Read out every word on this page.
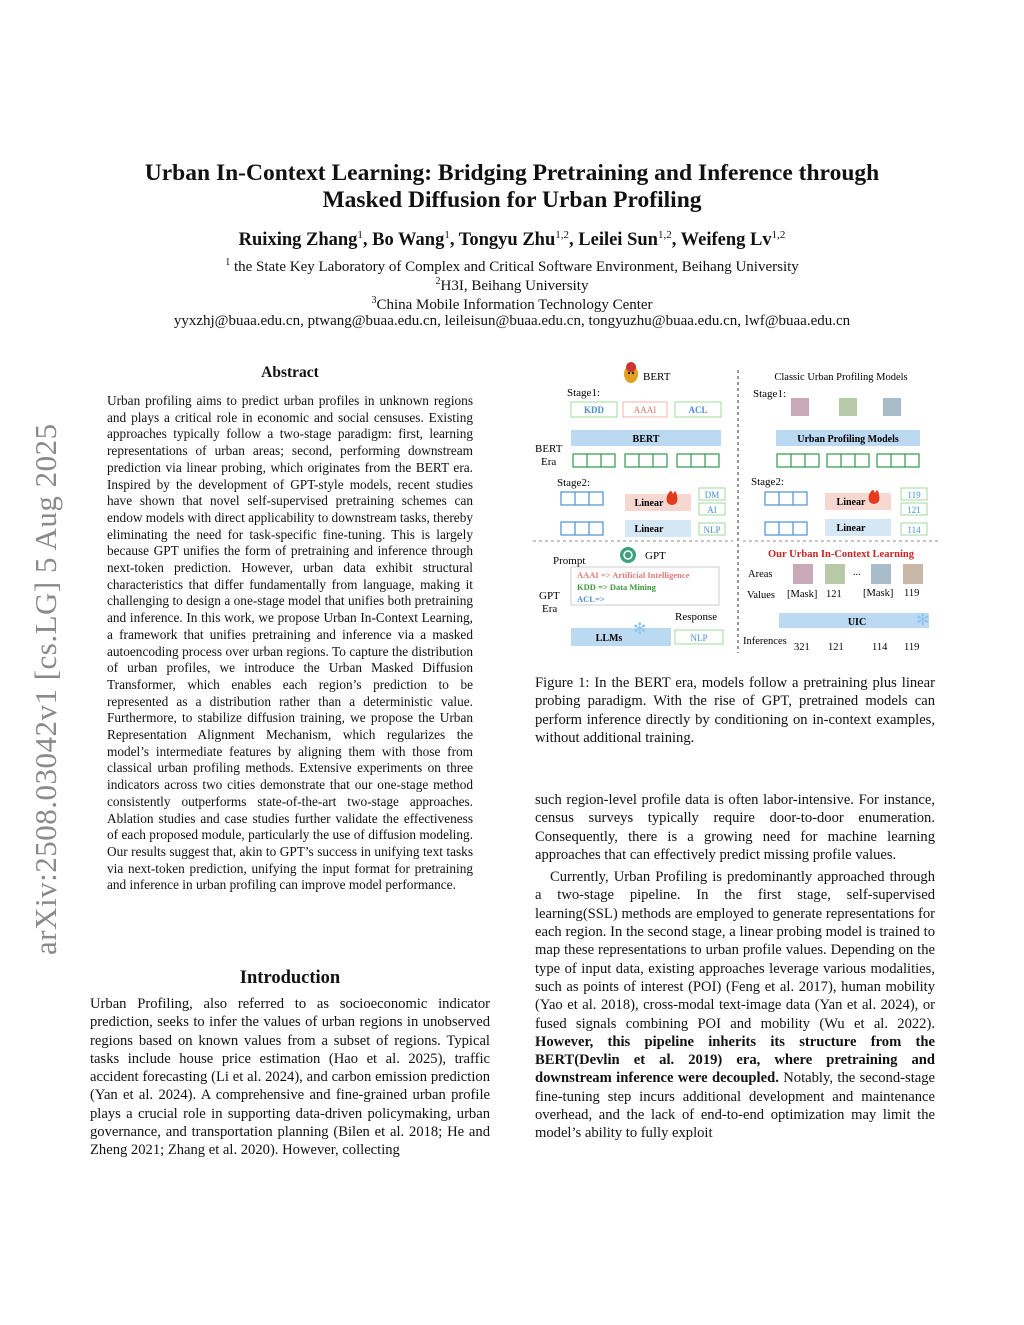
arXiv:2508.03042v1 [cs.LG] 5 Aug 2025
Urban In-Context Learning: Bridging Pretraining and Inference through
Masked Diffusion for Urban Profiling
Ruixing Zhang$^1$, Bo Wang$^1$, Tongyu Zhu$^{1,2}$, Leilei Sun$^{1,2}$, Weifeng Lv$^{1,2}$
$^1$ the State Key Laboratory of Complex and Critical Software Environment, Beihang University
$^2$H3I, Beihang University
$^3$China Mobile Information Technology Center
yyxzhj@buaa.edu.cn, ptwang@buaa.edu.cn, leileisun@buaa.edu.cn, tongyuzhu@buaa.edu.cn, lwf@buaa.edu.cn
Abstract
Urban profiling aims to predict urban profiles in unknown regions and plays a critical role in economic and social censuses. Existing approaches typically follow a two-stage paradigm: first, learning representations of urban areas; second, performing downstream prediction via linear probing, which originates from the BERT era. Inspired by the development of GPT-style models, recent studies have shown that novel self-supervised pretraining schemes can endow models with direct applicability to downstream tasks, thereby eliminating the need for task-specific fine-tuning. This is largely because GPT unifies the form of pretraining and inference through next-token prediction. However, urban data exhibit structural characteristics that differ fundamentally from language, making it challenging to design a one-stage model that unifies both pretraining and inference. In this work, we propose Urban In-Context Learning, a framework that unifies pretraining and inference via a masked autoencoding process over urban regions. To capture the distribution of urban profiles, we introduce the Urban Masked Diffusion Transformer, which enables each region’s prediction to be represented as a distribution rather than a deterministic value. Furthermore, to stabilize diffusion training, we propose the Urban Representation Alignment Mechanism, which regularizes the model’s intermediate features by aligning them with those from classical urban profiling methods. Extensive experiments on three indicators across two cities demonstrate that our one-stage method consistently outperforms state-of-the-art two-stage approaches. Ablation studies and case studies further validate the effectiveness of each proposed module, particularly the use of diffusion modeling. Our results suggest that, akin to GPT’s success in unifying text tasks via next-token prediction, unifying the input format for pretraining and inference in urban profiling can improve model performance.
Introduction

Urban Profiling, also referred to as socioeconomic indicator prediction, seeks to infer the values of urban regions in unobserved regions based on known values from a subset of regions. Typical tasks include house price estimation (Hao et al. 2025), traffic accident forecasting (Li et al. 2024), and carbon emission prediction (Yan et al. 2024). A comprehensive and fine-grained urban profile plays a crucial role in supporting data-driven policymaking, urban governance, and transportation planning (Bilen et al. 2018; He and Zheng 2021; Zhang et al. 2020). However, collecting

BERT
Stage1:
KDD	AAAI	ACL
BERT
BERT
Era
Stage2:
Linear
Linear
DM
AI
NLP
Prompt	GPT
AAAI => Artificial Intelligence
KDD => Data Mining
ACL=>
GPT
Era
Response
LLMs
✻	NLP
Classic Urban Profiling Models
Stage1:
Urban Profiling Models
Stage2:
Linear
Linear
119
121
114
Our Urban In-Context Learning
Areas	...
Values [Mask] 121 [Mask] 119
UIC	✻
Inferences
321 121	114 119
Figure 1: In the BERT era, models follow a pretraining plus linear probing paradigm. With the rise of GPT, pretrained models can perform inference directly by conditioning on in-context examples, without additional training.

such region-level profile data is often labor-intensive. For instance, census surveys typically require door-to-door enumeration. Consequently, there is a growing need for machine learning approaches that can effectively predict missing profile values.

Currently, Urban Profiling is predominantly approached through a two-stage pipeline. In the first stage, self-supervised learning(SSL) methods are employed to generate representations for each region. In the second stage, a linear probing model is trained to map these representations to urban profile values. Depending on the type of input data, existing approaches leverage various modalities, such as points of interest (POI) (Feng et al. 2017), human mobility (Yao et al. 2018), cross-modal text-image data (Yan et al. 2024), or fused signals combining POI and mobility (Wu et al. 2022). However, this pipeline inherits its structure from the BERT(Devlin et al. 2019) era, where pretraining and downstream inference were decoupled. Notably, the second-stage fine-tuning step incurs additional development and maintenance overhead, and the lack of end-to-end optimization may limit the model’s ability to fully exploit
